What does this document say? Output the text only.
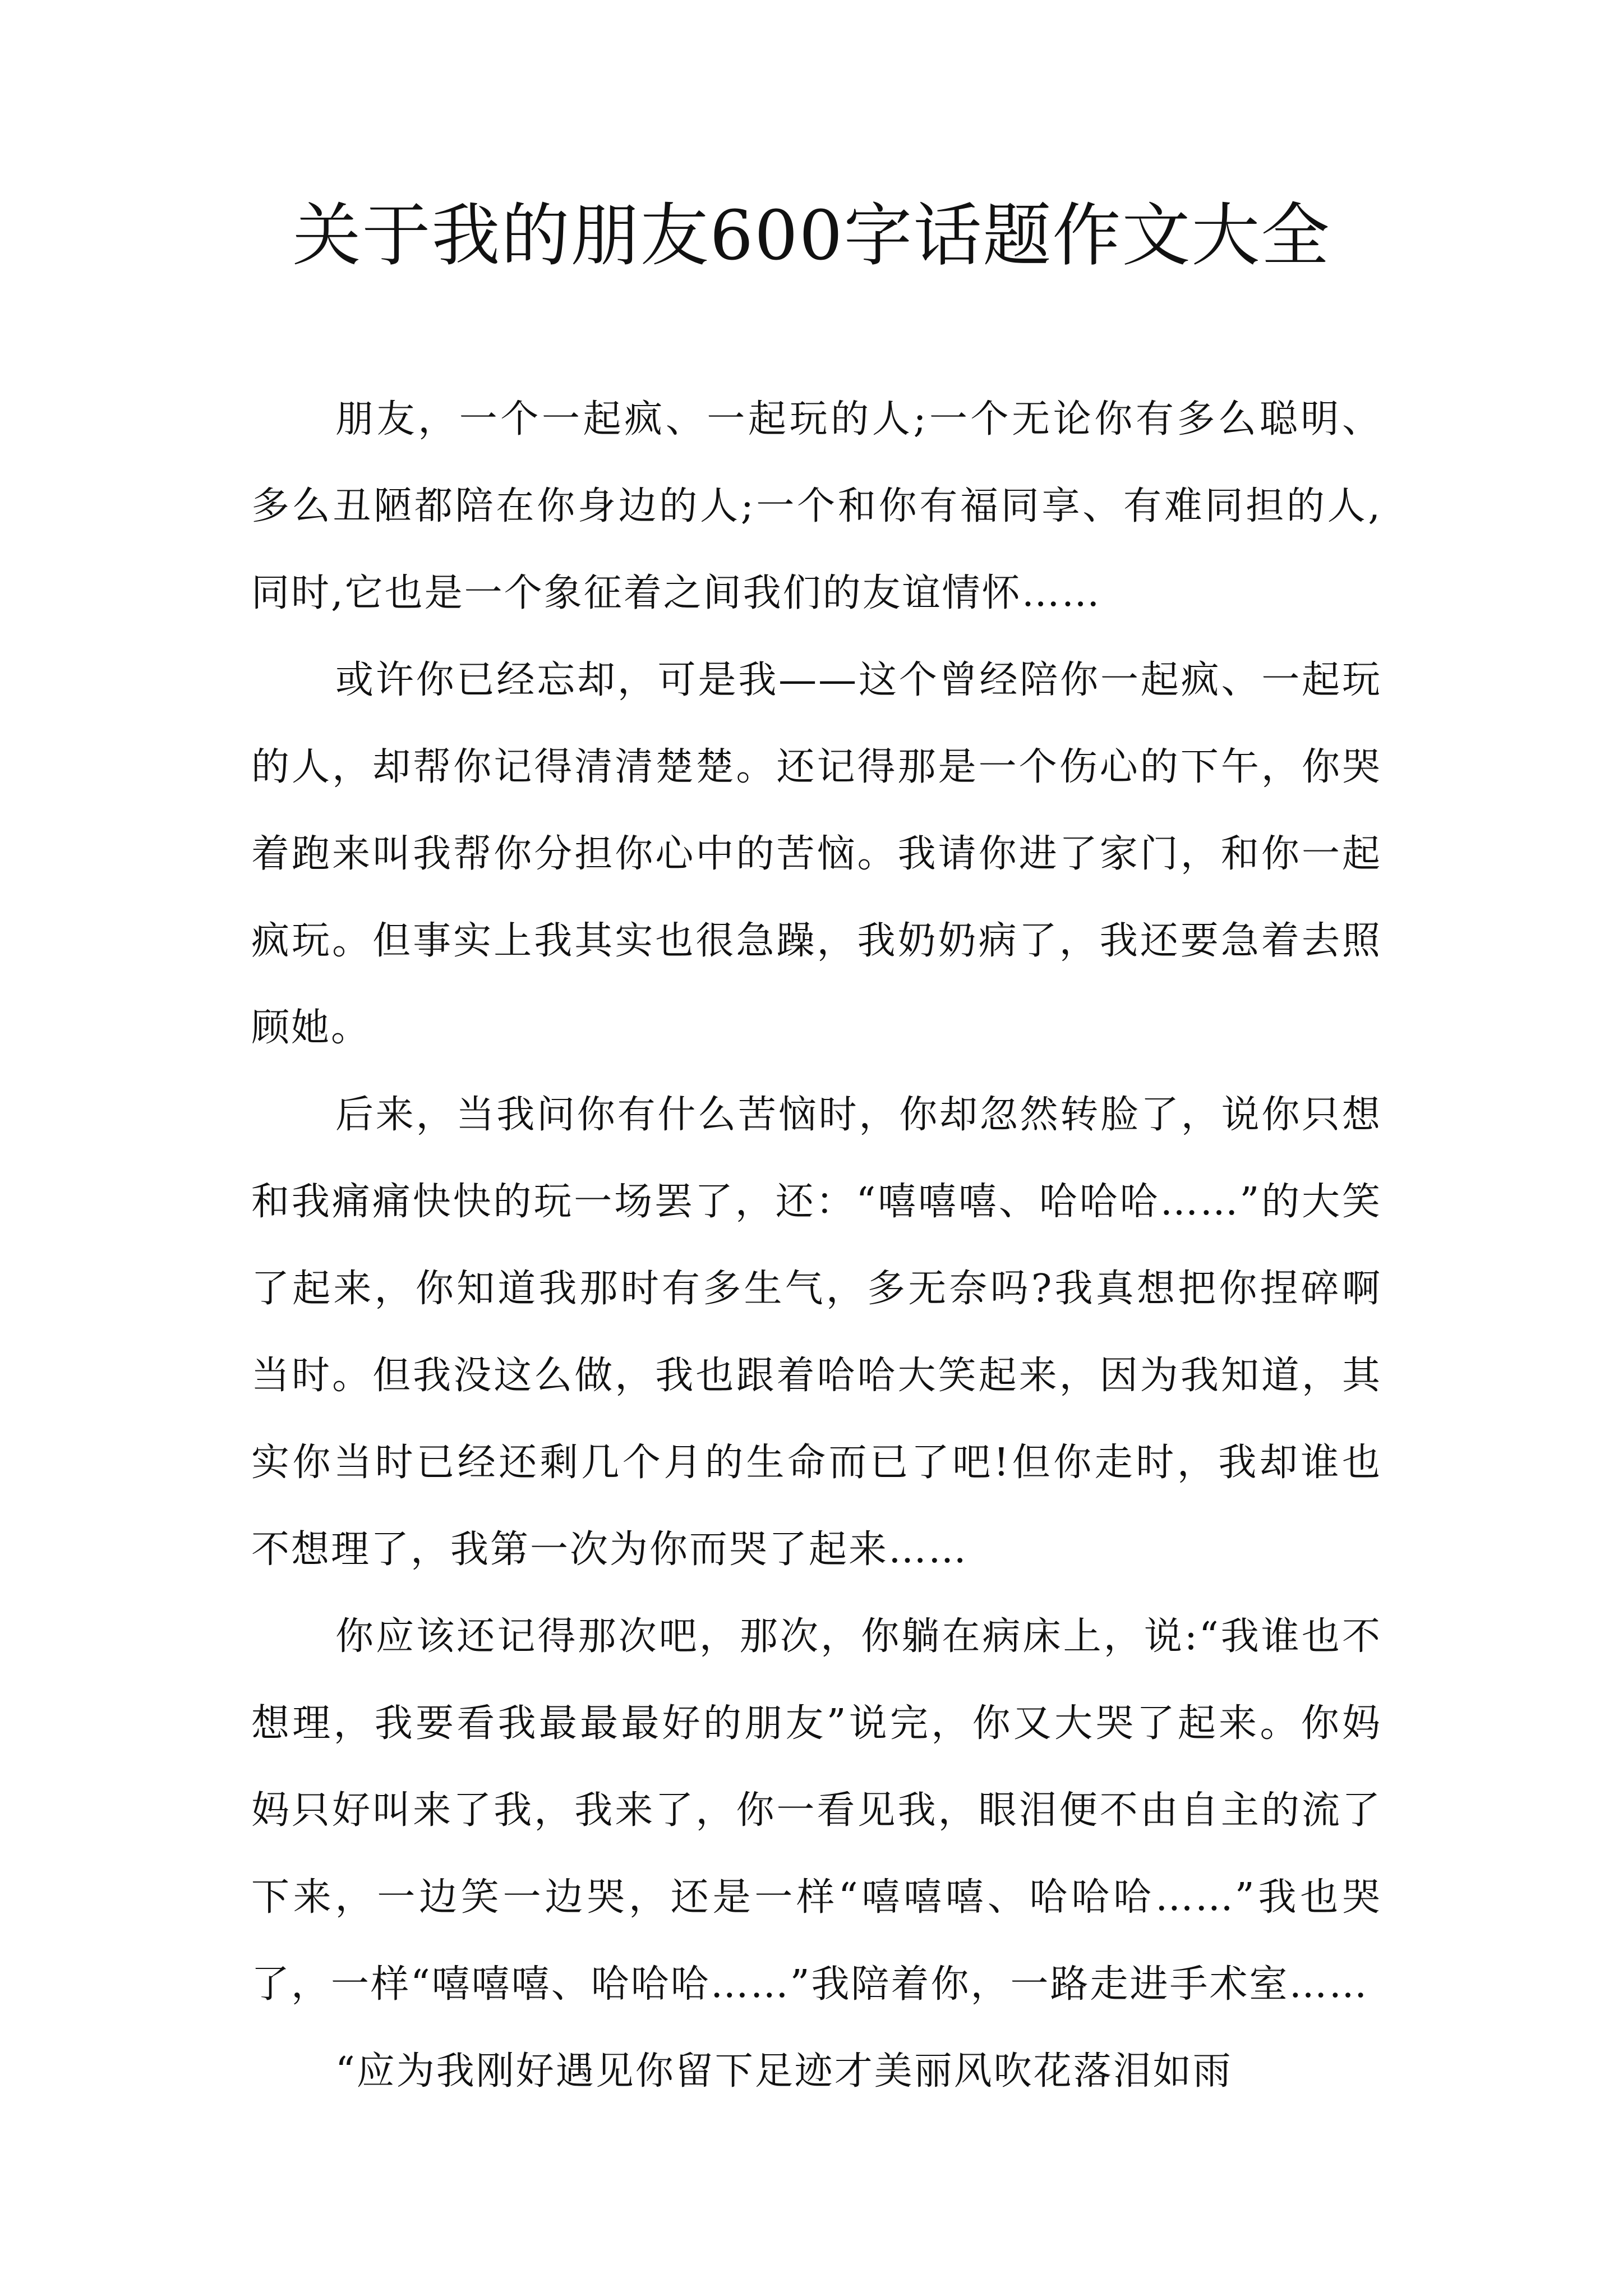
关于我的朋友600字话题作文大全

朋友，一个一起疯、一起玩的人;一个无论你有多么聪明、多么丑陋都陪在你身边的人;一个和你有福同享、有难同担的人,同时,它也是一个象征着之间我们的友谊情怀……

或许你已经忘却，可是我——这个曾经陪你一起疯、一起玩的人，却帮你记得清清楚楚。还记得那是一个伤心的下午，你哭着跑来叫我帮你分担你心中的苦恼。我请你进了家门，和你一起疯玩。但事实上我其实也很急躁，我奶奶病了，我还要急着去照顾她。

后来，当我问你有什么苦恼时，你却忽然转脸了，说你只想和我痛痛快快的玩一场罢了，还：“嘻嘻嘻、哈哈哈……”的大笑了起来，你知道我那时有多生气，多无奈吗?我真想把你捏碎啊当时。但我没这么做，我也跟着哈哈大笑起来，因为我知道，其实你当时已经还剩几个月的生命而已了吧!但你走时，我却谁也不想理了，我第一次为你而哭了起来……

你应该还记得那次吧，那次，你躺在病床上，说:“我谁也不想理，我要看我最最最好的朋友”说完，你又大哭了起来。你妈妈只好叫来了我，我来了，你一看见我，眼泪便不由自主的流了下来，一边笑一边哭，还是一样“嘻嘻嘻、哈哈哈……”我也哭了，一样“嘻嘻嘻、哈哈哈……”我陪着你，一路走进手术室……

“应为我刚好遇见你留下足迹才美丽风吹花落泪如雨
